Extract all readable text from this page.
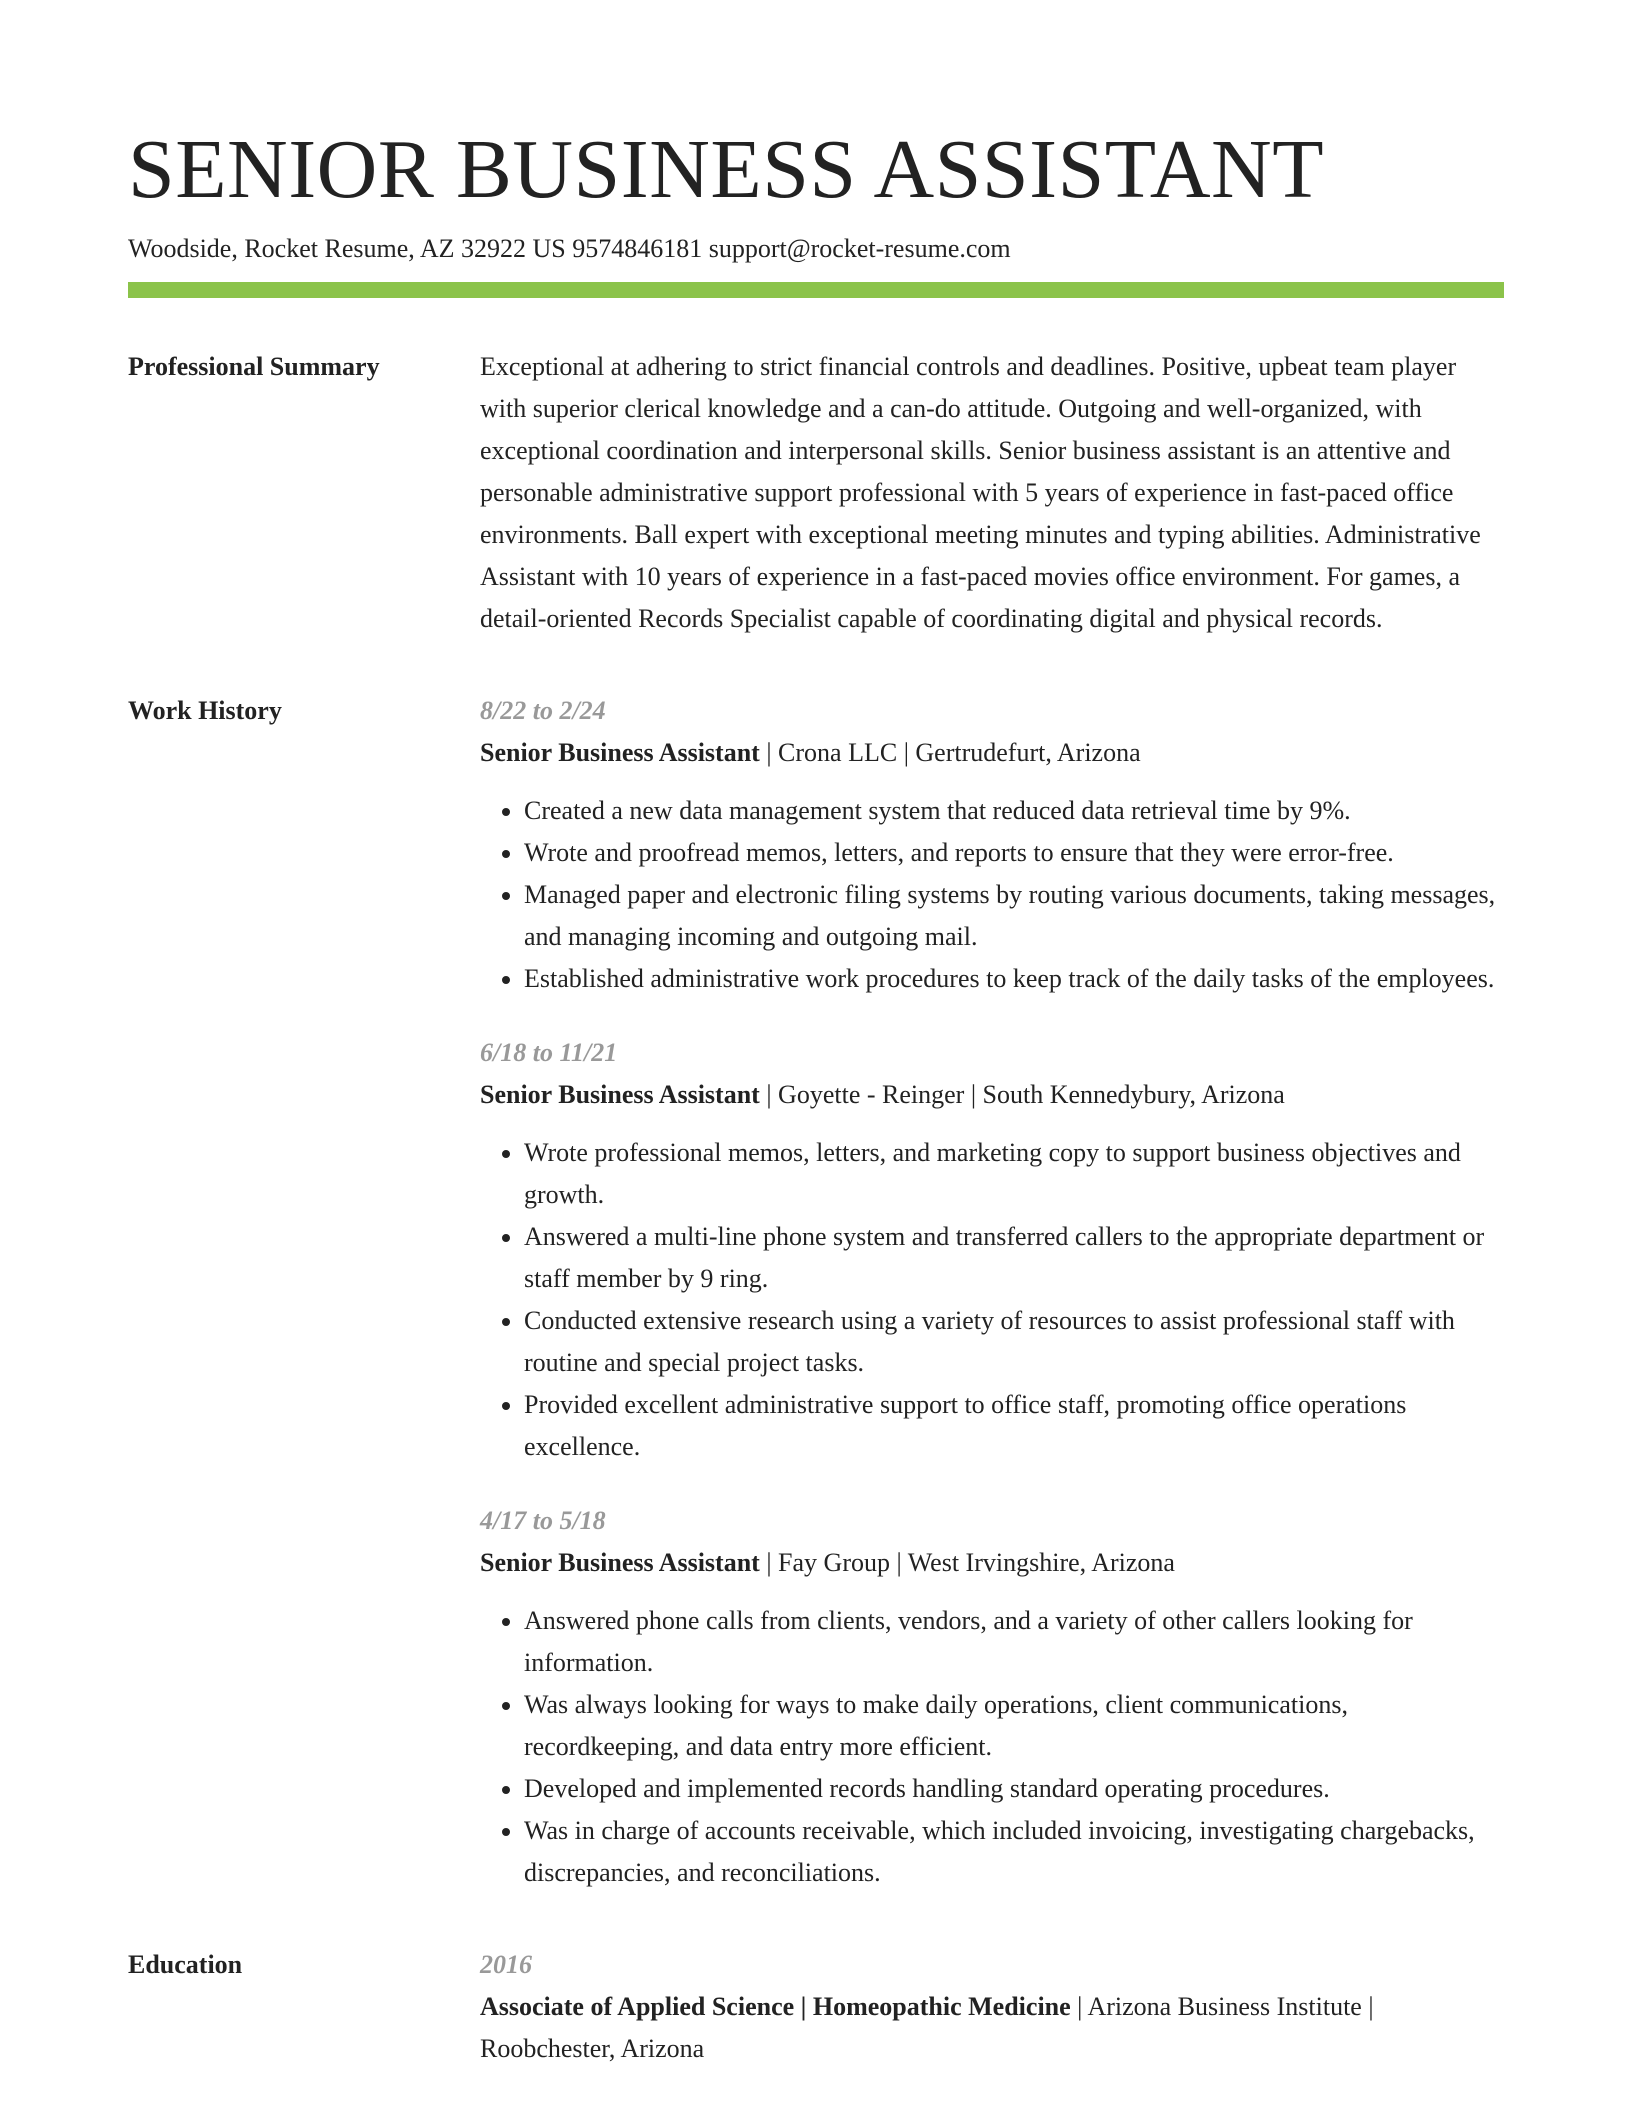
SENIOR BUSINESS ASSISTANT
Woodside, Rocket Resume, AZ 32922 US 9574846181 support@rocket-resume.com
Professional Summary	Exceptional at adhering to strict financial controls and deadlines. Positive, upbeat team player with superior clerical knowledge and a can-do attitude. Outgoing and well-organized, with exceptional coordination and interpersonal skills. Senior business assistant is an attentive and personable administrative support professional with 5 years of experience in fast-paced office environments. Ball expert with exceptional meeting minutes and typing abilities. Administrative Assistant with 10 years of experience in a fast-paced movies office environment. For games, a detail-oriented Records Specialist capable of coordinating digital and physical records.

Work History	8/22 to 2/24
Senior Business Assistant | Crona LLC | Gertrudefurt, Arizona
• Created a new data management system that reduced data retrieval time by 9%.
• Wrote and proofread memos, letters, and reports to ensure that they were error-free.
• Managed paper and electronic filing systems by routing various documents, taking messages, and managing incoming and outgoing mail.
• Established administrative work procedures to keep track of the daily tasks of the employees.
6/18 to 11/21
Senior Business Assistant | Goyette - Reinger | South Kennedybury, Arizona
• Wrote professional memos, letters, and marketing copy to support business objectives and growth.
• Answered a multi-line phone system and transferred callers to the appropriate department or staff member by 9 ring.
• Conducted extensive research using a variety of resources to assist professional staff with routine and special project tasks.
• Provided excellent administrative support to office staff, promoting office operations excellence.
4/17 to 5/18
Senior Business Assistant | Fay Group | West Irvingshire, Arizona
• Answered phone calls from clients, vendors, and a variety of other callers looking for information.
• Was always looking for ways to make daily operations, client communications, recordkeeping, and data entry more efficient.
• Developed and implemented records handling standard operating procedures.
• Was in charge of accounts receivable, which included invoicing, investigating chargebacks, discrepancies, and reconciliations.
Education	2016
Associate of Applied Science | Homeopathic Medicine | Arizona Business Institute | Roobchester, Arizona
